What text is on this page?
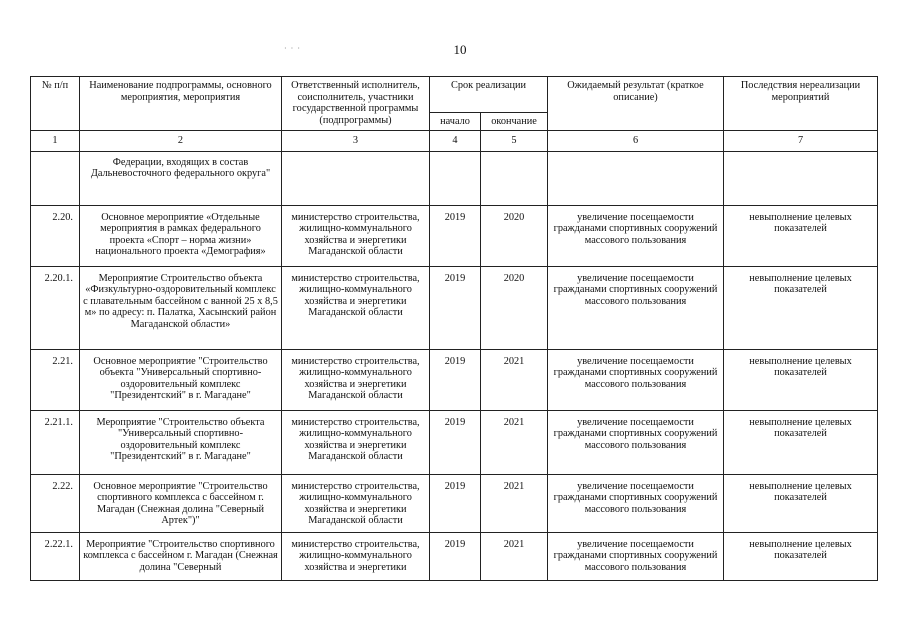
10
· · ·
№ п/п	Наименование подпрограммы, основного мероприятия, мероприятия	Ответственный исполнитель, соисполнитель, участники государственной программы (подпрограммы)	Срок реализации		Ожидаемый результат (краткое описание)	Последствия нереализации мероприятий
			начало	окончание		
1	2	3	4	5	6	7
	Федерации, входящих в состав Дальневосточного федерального округа"					
2.20.	Основное мероприятие «Отдельные мероприятия в рамках федерального проекта «Спорт – норма жизни» национального проекта «Демография»	министерство строительства, жилищно-коммунального хозяйства и энергетики Магаданской области	2019	2020	увеличение посещаемости гражданами спортивных сооружений массового пользования	невыполнение целевых показателей
2.20.1.	Мероприятие Строительство объекта «Физкультурно-оздоровительный комплекс с плавательным бассейном с ванной 25 х 8,5 м» по адресу: п. Палатка, Хасынский район Магаданской области»	министерство строительства, жилищно-коммунального хозяйства и энергетики Магаданской области	2019	2020	увеличение посещаемости гражданами спортивных сооружений массового пользования	невыполнение целевых показателей
2.21.	Основное мероприятие "Строительство объекта "Универсальный спортивно-оздоровительный комплекс "Президентский" в г. Магадане"	министерство строительства, жилищно-коммунального хозяйства и энергетики Магаданской области	2019	2021	увеличение посещаемости гражданами спортивных сооружений массового пользования	невыполнение целевых показателей
2.21.1.	Мероприятие "Строительство объекта "Универсальный спортивно-оздоровительный комплекс "Президентский" в г. Магадане"	министерство строительства, жилищно-коммунального хозяйства и энергетики Магаданской области	2019	2021	увеличение посещаемости гражданами спортивных сооружений массового пользования	невыполнение целевых показателей
2.22.	Основное мероприятие "Строительство спортивного комплекса с бассейном г. Магадан (Снежная долина "Северный Артек")"	министерство строительства, жилищно-коммунального хозяйства и энергетики Магаданской области	2019	2021	увеличение посещаемости гражданами спортивных сооружений массового пользования	невыполнение целевых показателей
2.22.1.	Мероприятие "Строительство спортивного комплекса с бассейном г. Магадан (Снежная долина "Северный	министерство строительства, жилищно-коммунального хозяйства и энергетики	2019	2021	увеличение посещаемости гражданами спортивных сооружений массового пользования	невыполнение целевых показателей
